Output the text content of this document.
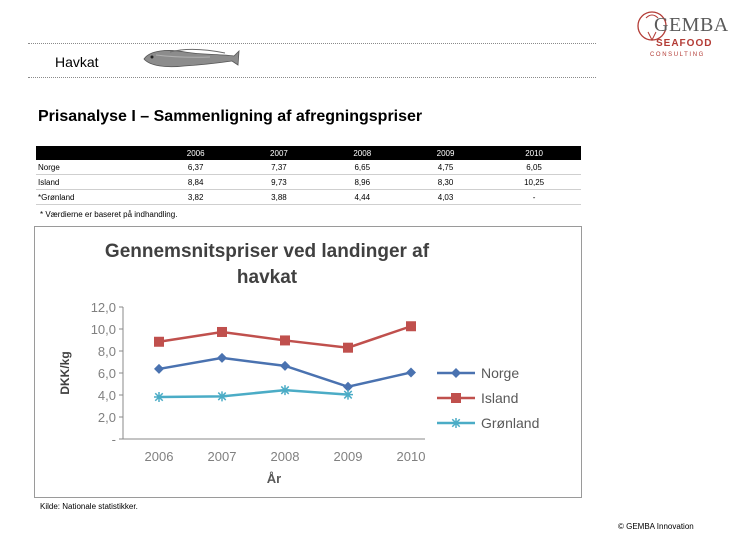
Havkat
GEMBA
SEAFOOD
CONSULTING
Prisanalyse I – Sammenligning af afregningspriser
	2006	2007	2008	2009	2010
Norge	6,37	7,37	6,65	4,75	6,05
Island	8,84	9,73	8,96	8,30	10,25
*Grønland	3,82	3,88	4,44	4,03	-
* Værdierne er baseret på indhandling.
Gennemsnitspriser ved landinger af
havkat
-
2,0
4,0
6,0
8,0
10,0
12,0
2006	2007	2008	2009	2010
År
DKK/kg	Norge
Island
Grønland
Kilde: Nationale statistikker.
© GEMBA Innovation
